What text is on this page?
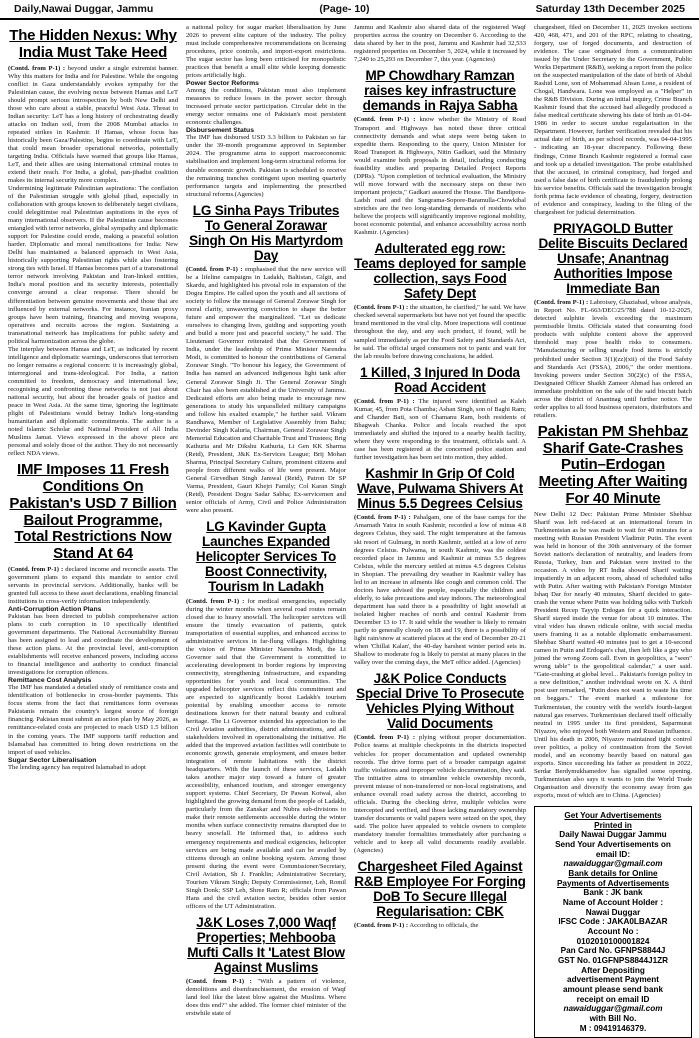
Daily,Nawai Duggar, Jammu	(Page- 10)	Saturday 13th December 2025
The Hidden Nexus: Why India Must Take Heed

(Contd. from P-1) : beyond under a single extremist banner. Why this matters for India and for Palestine. While the ongoing conflict in Gaza understandably evokes sympathy for the Palestinian cause, the evolving nexus between Hamas and LeT should prompt serious introspection by both New Delhi and those who care about a stable, peaceful West Asia. Threat to Indian security: LeT has a long history of orchestrating deadly attacks on Indian soil, from the 2008 Mumbai attacks to repeated strikes in Kashmir. If Hamas, whose focus has historically been Gaza/Palestine, begins to coordinate with LeT, that could mean broader operational networks, potentially targeting India. Officials have warned that groups like Hamas, LeT, and their allies are using international criminal routes to extend their reach. For India, a global, pan-jihadist coalition makes its internal security more complex.

Undermining legitimate Palestinian aspirations: The conflation of the Palestinian struggle with global jihad, especially in collaboration with groups known to deliberately target civilians, could delegitimise real Palestinian aspirations in the eyes of many international observers. If the Palestinian cause becomes entangled with terror networks, global sympathy and diplomatic support for Palestine could erode, making a peaceful solution harder. Diplomatic and moral ramifications for India: New Delhi has maintained a balanced approach in West Asia, historically supporting Palestinian rights while also fostering strong ties with Israel. If Hamas becomes part of a transnational terror network involving Pakistan and Iran-linked entities, India's moral position and its security interests, potentially converge around a clear response. There should be differentiation between genuine movements and those that are influenced by external networks. For instance, Iranian proxy groups have been training, financing and moving weapons, operatives and recruits across the region. Sustaining a transnational network has implications for public safety and political harmonization across the globe.

The interplay between Hamas and LeT, as indicated by recent intelligence and diplomatic warnings, underscores that terrorism no longer remains a regional concern: it is increasingly global, interregional and trans-ideological. For India, a nation committed to freedom, democracy and international law, recognising and confronting these networks is not just about national security, but about the broader goals of justice and peace in West Asia. At the same time, ignoring the legitimate plight of Palestinians would betray India's long-standing humanitarian and diplomatic commitments. The author is a noted Islamic Scholar and National President of All India Muslims Jamat. Views expressed in the above piece are personal and solely those of the author. They do not necessarily reflect NDA views.

IMF Imposes 11 Fresh Conditions On Pakistan's USD 7 Billion Bailout Programme, Total Restrictions Now Stand At 64

(Contd. from P-1) : declared income and reconcile assets. The government plans to expand this mandate to senior civil servants in provincial services. Additionally, banks will be granted full access to these asset declarations, enabling financial institutions to cross-verify information independently.

Anti-Corruption Action Plans

Pakistan has been directed to publish comprehensive action plans to curb corruption in 10 specifically identified government departments. The National Accountability Bureau has been assigned to lead and coordinate the development of these action plans. At the provincial level, anti-corruption establishments will receive enhanced powers, including access to financial intelligence and authority to conduct financial investigations for corruption offences.

Remittance Cost Analysis

The IMF has mandated a detailed study of remittance costs and identification of bottlenecks in cross-border payments. This focus stems from the fact that remittances form overseas Pakistanis remain the country's largest source of foreign financing. Pakistan must submit an action plan by May 2026, as remittance-related costs are projected to reach USD 1.5 billion in the coming years. The IMF supports tariff reduction and Islamabad has committed to bring down restrictions on the import of used vehicles.

Sugar Sector Liberalisation

The lending agency has required Islamabad to adopt

a national policy for sugar market liberalisation by June 2026 to prevent elite capture of the industry. The policy must include comprehensive recommendations on licensing procedures, price controls, and import-export restrictions. The sugar sector has long been criticised for monopolistic practices that benefit a small elite while keeping domestic prices artificially high.

Power Sector Reforms

Among the conditions, Pakistan must also implement measures to reduce losses in the power sector through increased private sector participation. Circular debt in the energy sector remains one of Pakistan's most persistent economic challenges.

Disbursement Status

The IMF has disbursed USD 3.3 billion to Pakistan so far under the 39-month programme approved in September 2024. The programme aims to support macroeconomic stabilisation and implement long-term structural reforms for durable economic growth. Pakistan is scheduled to receive the remaining tranches contingent upon meeting quarterly performance targets and implementing the prescribed structural reforms.(Agencies)

LG Sinha Pays Tributes To General Zorawar Singh On His Martyrdom Day

(Contd. from P-1) : emphasised that the new service will be a lifeline campaigns in Ladakh, Baltistan, Gilgit, and Skardu, and highlighted his pivotal role in expansion of the Dogra Empire. He called upon the youth and all sections of society to follow the message of General Zorawar Singh for moral clarity, unwavering conviction to shape the better future and empower the marginalized. "Let us dedicate ourselves to changing lives, guiding and supporting youth and build a more just and peaceful society," he said. The Lieutenant Governor reiterated that the Government of India, under the leadership of Prime Minister Narendra Modi, is committed to honour the contributions of General Zorawar Singh. "To honour his legacy, the Government of India has named an advanced indigenous light tank after General Zorawar Singh Ji. The General Zorawar Singh Chair has also been established at the University of Jammu. Dedicated efforts are also being made to encourage new generations to study his unparalleled military campaigns and follow his exalted example," he further said. Vikram Randhawa, Member of Legislative Assembly from Bahu; Devinder Singh Kaluria, Chairman, General Zorawar Singh Memorial Education and Charitable Trust and Trustees; Brig Kathuria and Mr Dikshu Kathuria, Lt Gen KK Sharma (Retd), President, J&K Ex-Services League; Brij Mohan Sharma, Principal Secretary Culture, prominent citizens and people from different walks of life were present. Major General Girvedhan Singh Jamwal (Retd), Patron Dr SP Varma, President, Gauri Khejri Family; Col Karan Singh (Retd), President Dogra Sadar Sabha; Ex-servicemen and senior officials of Army, Civil and Police Administration were also present.

LG Kavinder Gupta Launches Expanded Helicopter Services To Boost Connectivity, Tourism In Ladakh

(Contd. from P-1) : for medical emergencies, especially during the winter months when several road routes remain closed due to heavy snowfall. The helicopter services will ensure the timely evacuation of patients, quick transportation of essential supplies, and enhanced access to administrative services in far-flung villages. Highlighting the vision of Prime Minister Narendra Modi, the Lt Governor said that the Government is committed to accelerating development in border regions by improving connectivity, strengthening infrastructure, and expanding opportunities for youth and local communities. The upgraded helicopter services reflect this commitment and are expected to significantly boost Ladakh's tourism potential by enabling smoother access to remote destinations known for their natural beauty and cultural heritage. The Lt Governor extended his appreciation to the Civil Aviation authorities, district administrations, and all stakeholders involved in operationalising the initiative. He added that the improved aviation facilities will contribute to economic growth, generate employment, and ensure better integration of remote habitations with the district headquarters. With the launch of these services, Ladakh takes another major step toward a future of greater accessibility, enhanced tourism, and stronger emergency support systems. Chief Secretary, Dr Pawan Kotwal, also highlighted the growing demand from the people of Ladakh, particularly from the Zanskar and Nubra sub-divisions to make their remote settlements accessible during the winter months when surface connectivity remains disrupted due to heavy snowfall. He informed that, to address such emergency requirements and medical exigencies, helicopter services are being made available and can be availed by citizens through an online booking system. Among those present during the event were Commissioner/Secretary, Civil Aviation, Sh J. Franklin; Administrative Secretary, Tourism Vikram Singh; Deputy Commissioner, Leh, Romil Singh Donk; SSP Leh, Shree Ram R; officials from Pawan Hans and the civil aviation sector, besides other senior officers of the UT Administration.

J&K Loses 7,000 Waqf Properties; Mehbooba Mufti Calls It 'Latest Blow Against Muslims

(Contd. from P-1) : "With a pattern of violence, demolitions and disenfranchisement, the erosion of Waqf land feel like the latest blow against the Muslims. Where does this end?" she added. The former chief minister of the erstwhile state of

Jammu and Kashmir also shared data of the registered Waqf properties across the country on December 6. According to the data shared by her in the post, Jammu and Kashmir had 32,533 registered properties on December 5, 2024, while it increased by 7,240 to 25,293 on December 7, this year. (Agencies)

MP Chowdhary Ramzan raises key infrastructure demands in Rajya Sabha

(Contd. from P-1) : know whether the Ministry of Road Transport and Highways has noted these three critical connectivity demands and what steps were being taken to expedite them. Responding to the query, Union Minister for Road Transport & Highways, Nitin Gadkari, said the Ministry would examine both proposals in detail, including conducting feasibility studies and preparing Detailed Project Reports (DPRs). "Upon completion of technical evaluation, the Ministry will move forward with the necessary steps on these two important projects," Gadkari assured the House. The Bandipora-Ladsh road and the Sangrama-Sopore-Baramulla-Chowkibal stretches are the two long-standing demands of residents who believe the projects will significantly improve regional mobility, boost economic potential, and enhance accessibility across north Kashmir. (Agencies)

Adulterated egg row: Teams deployed for sample collection, says Food Safety Dept

(Contd. from P-1) : the situation, he clarified," he said. We have checked several supermarkets but have not yet found the specific brand mentioned in the viral clip. More inspections will continue throughout the day, and any such product, if found, will be sampled immediately as per the Food Safety and Standards Act, he said. The official urged consumers not to panic and wait for the lab results before drawing conclusions, he added.

1 Killed, 3 Injured In Doda Road Accident

(Contd. from P-1) : The injured were identified as Kaleh Kumar, 45, from Pota Chamba; Ashan Singh, son of Baghi Ram; and Chander Bati, son of Chamanu Ram, both residents of Bhagwah Chanka. Police and locals reached the spot immediately and shifted the injured to a nearby health facility, where they were responding to the treatment, officials said. A case has been registered at the concerned police station and further investigation has been set into motion, they added.

Kashmir In Grip Of Cold Wave, Pulwama Shivers At Minus 5.5 Degrees Celsius

(Contd. from P-1) : Pahalgam, one of the base camps for the Amarnath Yatra in south Kashmir, recorded a low of minus 4.8 degrees Celsius, they said. The night temperature at the famous ski resort of Gulmarg, in north Kashmir, settled at a low of zero degrees Celsius. Pulwama, in south Kashmir, was the coldest recorded place in Jammu and Kashmir at minus 5.5 degrees Celsius, while the mercury settled at minus 4.5 degrees Celsius in Shopian. The prevailing dry weather in Kashmir valley has led to an increase in ailments like cough and common cold. The doctors have advised the people, especially the children and elderly, to take precautions and stay indoors. The meteorological department has said there is a possibility of light snowfall at isolated higher reaches of north and central Kashmir from December 13 to 17. It said while the weather is likely to remain partly to generally cloudy on 18 and 19, there is a possibility of light rain/snow at scattered places at the end of December 20-21 when 'Chillai Kalan', the 40-day harshest winter period sets in. Shallow to moderate fog is likely to persist at many places in the valley over the coming days, the MeT office added. (Agencies)

J&K Police Conducts Special Drive To Prosecute Vehicles Plying Without Valid Documents

(Contd. from P-1) : plying without proper documentation. Police teams at multiple checkpoints in the districts inspected vehicles for proper documentation and updated ownership records. The drive forms part of a broader campaign against traffic violations and improper vehicle documentation, they said. The initiative aims to streamline vehicle ownership records, prevent misuse of non-transferred or non-local registrations, and enhance overall road safety across the district, according to officials. During the checking drive, multiple vehicles were intercepted and verified, and those lacking mandatory ownership transfer documents or valid papers were seized on the spot, they said. The police have appealed to vehicle owners to complete mandatory transfer formalities immediately after purchasing a vehicle and to keep all valid documents readily available. (Agencies)

Chargesheet Filed Against R&B Employee For Forging DoB To Secure Illegal Regularisation: CBK

(Contd. from P-1) : According to officials, the

chargesheet, filed on December 11, 2025 invokes sections 420, 468, 471, and 201 of the RPC, relating to cheating, forgery, use of forged documents, and destruction of evidence. The case originated from a communication issued by the Under Secretary to the Government, Public Works Department (R&B), seeking a report from the police on the suspected manipulation of the date of birth of Abdul Rashid Lone, son of Mohammad Ahsan Lone, a resident of Chogal, Handwara. Lone was employed as a "Helper" in the R&B Division. During an initial inquiry, Crime Branch Kashmir found that the accused had allegedly produced a false medical certificate showing his date of birth as 01-04-1986 in order to secure undue regularisation in the Department. However, further verification revealed that his actual date of birth, as per school records, was 04-04-1995 - indicating an 18-year discrepancy. Following these findings, Crime Branch Kashmir registered a formal case and took up a detailed investigation. The probe established that the accused, in criminal conspiracy, had forged and used a false date of birth certificate to fraudulently prolong his service benefits. Officials said the investigation brought forth prima facie evidence of cheating, forgery, destruction of evidence and conspiracy, leading to the filing of the chargesheet for judicial determination.

PRIYAGOLD Butter Delite Biscuits Declared Unsafe; Anantnag Authorities Impose Immediate Ban

(Contd. from P-1) : Labroisey, Ghaziabad, whose analysis, in Report No. FL-663/DEC/25/788 dated 10-12-2025, detected sulphite levels exceeding the maximum permissible limits. Officials stated that consuming food products with sulphite content above the approved threshold may pose health risks to consumers. "Manufacturing or selling unsafe food items is strictly prohibited under Section 3(1)(zz)(xii) of the Food Safety and Standards Act (FSSA), 2006," the order mentions. Invoking powers under Section 30(2)(c) of the FSSA, Designated Officer Shaikh Zameer Ahmad has ordered an immediate prohibition on the sale of the said biscuit batch across the district of Anantnag until further notice. The order applies to all food business operators, distributors and retailers.

Pakistan PM Shehbaz Sharif Gate-Crashes Putin–Erdogan Meeting After Waiting For 40 Minute

New Delhi 12 Dec: Pakistan Prime Minister Shehbaz Sharif was left red-faced at an international forum in Turkmenistan as he was made to wait for 40 minutes for a meeting with Russian President Vladimir Putin. The event was held in honour of the 30th anniversary of the former Soviet nation's declaration of neutrality, and leaders from Russia, Turkey, Iran and Pakistan were invited to the occasion. A video by RT India showed Sharif waiting impatiently in an adjacent room, ahead of scheduled talks with Putin. After waiting with Pakistan's Foreign Minister Ishaq Dar for nearly 40 minutes, Sharif decided to gate-crash the venue where Putin was holding talks with Turkish President Recep Tayyip Erdogan for a quick interaction. Sharif stayed inside the venue for about 10 minutes. The viral video has drawn ridicule online, with social media users framing it as a notable diplomatic embarrassment. Shehbaz Sharif waited 40 minutes just to get a 10-second cameo in Putin and Erdogan's chat, then left like a guy who joined the wrong Zoom call. Even in geopolitics, a "seen" wrong table" is the geopolitical calendar," a user said. "Gate-crashing at global level... Pakistan's foreign policy in a new definition," another individual wrote on X. A third post user remarked, "Putin does not want to waste his time on beggars." The event marked a milestone for Turkmenistan, the country with the world's fourth-largest natural gas reserves. Turkmenistan declared itself officially neutral in 1995 under its first president, Saparmurat Niyazov, who enjoyed both Western and Russian influence. Until his death in 2006, Niyazov maintained tight control over politics, a policy of continuation from the Soviet model, and an economy heavily based on natural gas exports. Since succeeding his father as president in 2022, Serdar Berdymukhamedov has signalled some opening. Turkmenistan also says it wants to join the World Trade Organisation and diversify the economy away from gas exports, most of which are to China. (Agencies)

Get Your Advertisements
Printed in
Daily Nawai Duggar Jammu
Send Your Advertisements on
email ID:
nawaiduggar@gmail.com
Bank details for Online
Payments of Advertisements
Bank : JK bank
Name of Account Holder :
Nawai Duggar
IFSC Code : JAKA0LBAZAR
Account No :
0102010100001824
Pan Card No. GFNPS8844J
GST No. 01GFNPS8844J1ZR
After Depositing
advertisement Payment
amount please send bank
receipt on email ID
nawaiduggar@gmail.com
with Bill No.
M : 09419146379.
